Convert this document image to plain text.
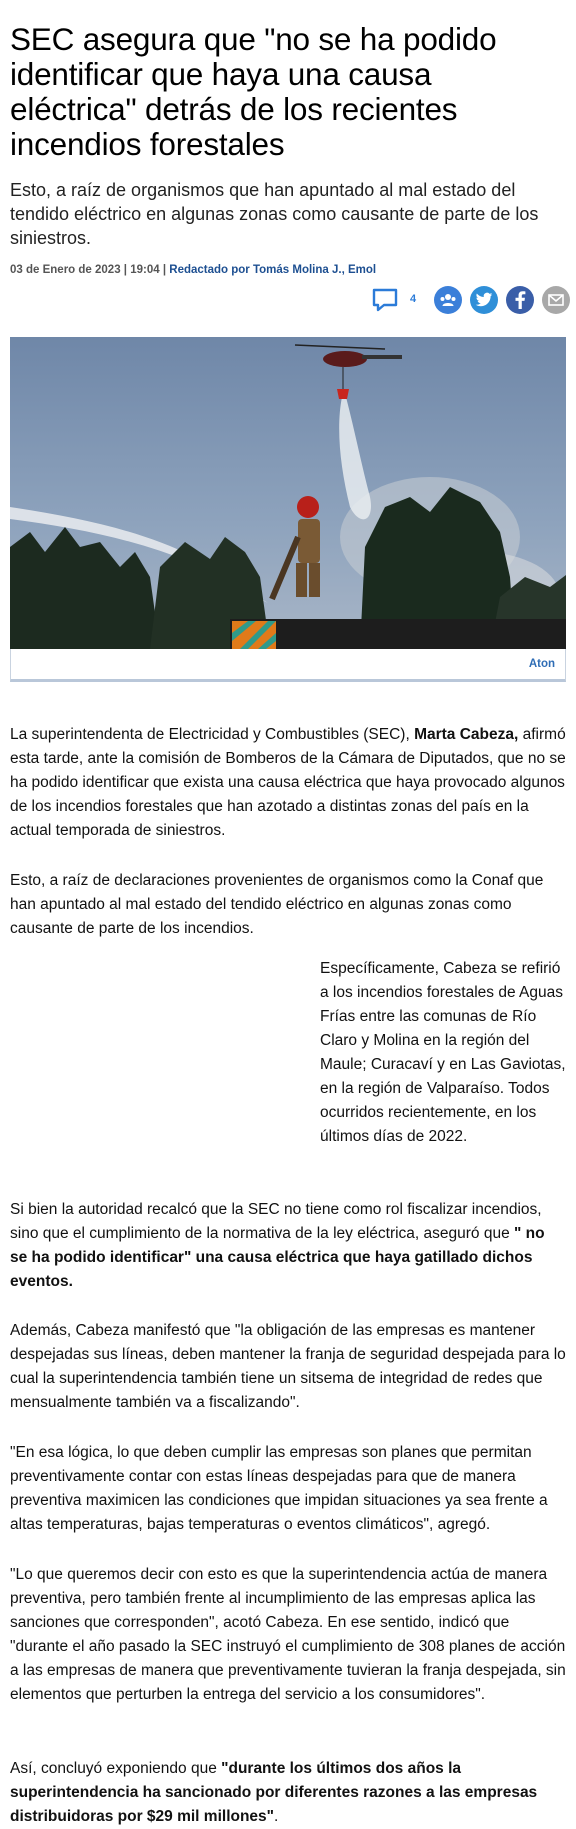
SEC asegura que "no se ha podido identificar que haya una causa eléctrica" detrás de los recientes incendios forestales

Esto, a raíz de organismos que han apuntado al mal estado del tendido eléctrico en algunas zonas como causante de parte de los siniestros.

03 de Enero de 2023 | 19:04 | Redactado por Tomás Molina J., Emol
4
Aton

La superintendenta de Electricidad y Combustibles (SEC), Marta Cabeza, afirmó esta tarde, ante la comisión de Bomberos de la Cámara de Diputados, que no se ha podido identificar que exista una causa eléctrica que haya provocado algunos de los incendios forestales que han azotado a distintas zonas del país en la actual temporada de siniestros.

Esto, a raíz de declaraciones provenientes de organismos como la Conaf que han apuntado al mal estado del tendido eléctrico en algunas zonas como causante de parte de los incendios.

Específicamente, Cabeza se refirió a los incendios forestales de Aguas Frías entre las comunas de Río Claro y Molina en la región del Maule; Curacaví y en Las Gaviotas, en la región de Valparaíso. Todos ocurridos recientemente, en los últimos días de 2022.

Si bien la autoridad recalcó que la SEC no tiene como rol fiscalizar incendios, sino que el cumplimiento de la normativa de la ley eléctrica, aseguró que " no se ha podido identificar" una causa eléctrica que haya gatillado dichos eventos.

Además, Cabeza manifestó que "la obligación de las empresas es mantener despejadas sus líneas, deben mantener la franja de seguridad despejada para lo cual la superintendencia también tiene un sitsema de integridad de redes que mensualmente también va a fiscalizando".

"En esa lógica, lo que deben cumplir las empresas son planes que permitan preventivamente contar con estas líneas despejadas para que de manera preventiva maximicen las condiciones que impidan situaciones ya sea frente a altas temperaturas, bajas temperaturas o eventos climáticos", agregó.

"Lo que queremos decir con esto es que la superintendencia actúa de manera preventiva, pero también frente al incumplimiento de las empresas aplica las sanciones que corresponden", acotó Cabeza. En ese sentido, indicó que "durante el año pasado la SEC instruyó el cumplimiento de 308 planes de acción a las empresas de manera que preventivamente tuvieran la franja despejada, sin elementos que perturben la entrega del servicio a los consumidores".

Así, concluyó exponiendo que "durante los últimos dos años la superintendencia ha sancionado por diferentes razones a las empresas distribuidoras por $29 mil millones".
